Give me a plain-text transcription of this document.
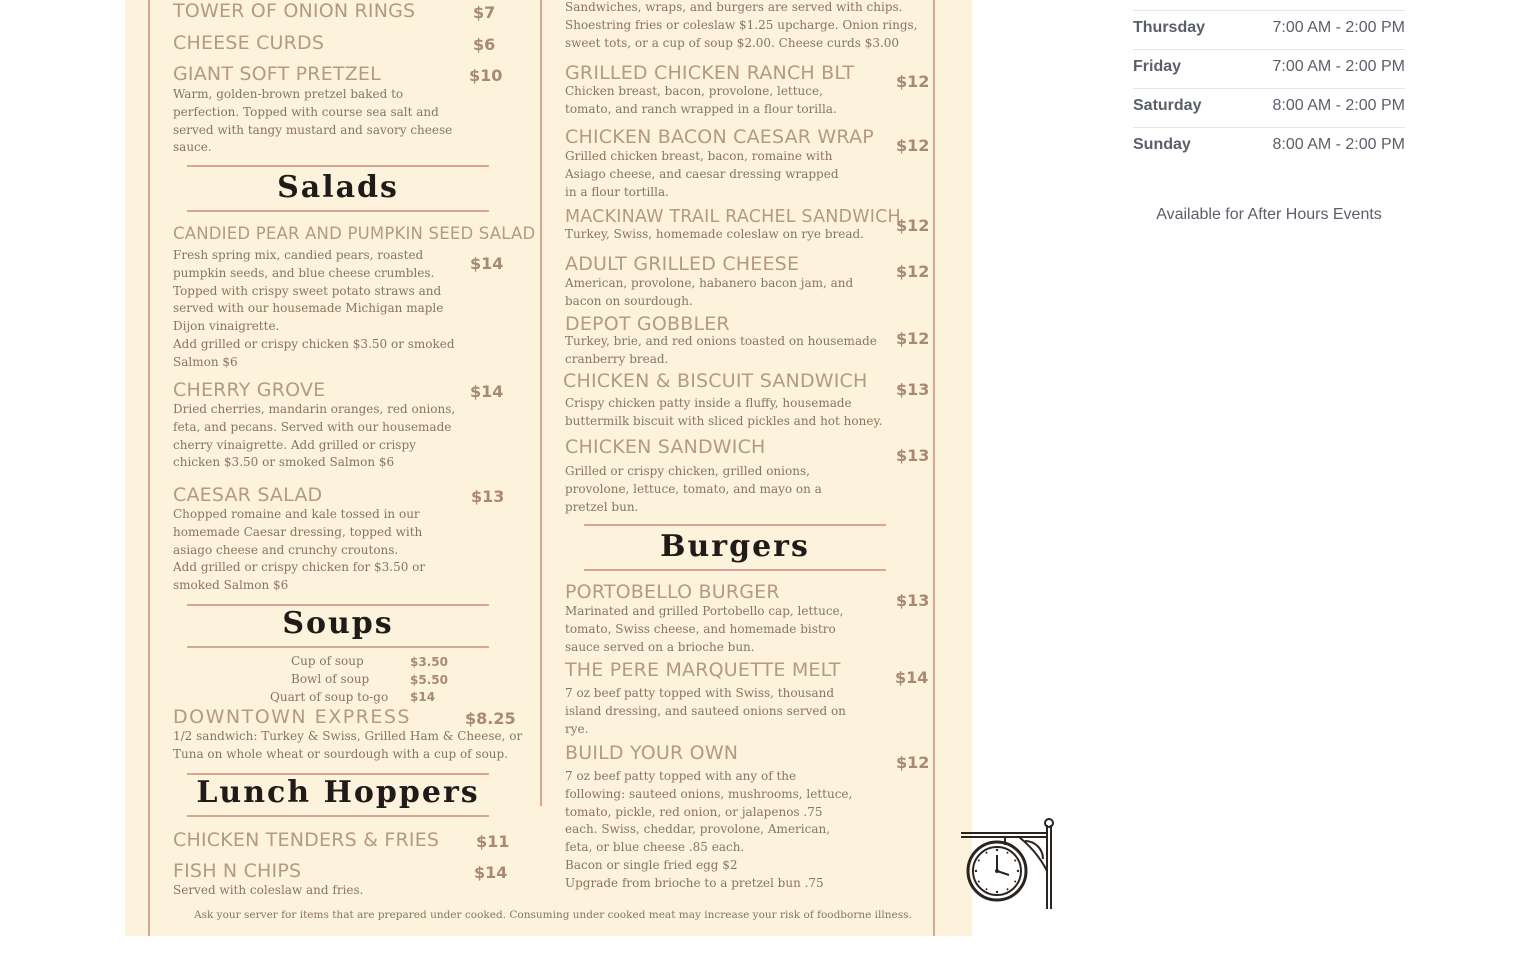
TOWER OF ONION RINGS	$7
CHEESE CURDS	$6
GIANT SOFT PRETZEL	$10
Warm, golden-brown pretzel baked to
perfection. Topped with course sea salt and
served with tangy mustard and savory cheese
sauce.
Salads
CANDIED PEAR AND PUMPKIN SEED SALAD
$14
Fresh spring mix, candied pears, roasted
pumpkin seeds, and blue cheese crumbles.
Topped with crispy sweet potato straws and
served with our housemade Michigan maple
Dijon vinaigrette.
Add grilled or crispy chicken $3.50 or smoked
Salmon $6
CHERRY GROVE	$14
Dried cherries, mandarin oranges, red onions,
feta, and pecans. Served with our housemade
cherry vinaigrette. Add grilled or crispy
chicken $3.50 or smoked Salmon $6
CAESAR SALAD	$13
Chopped romaine and kale tossed in our
homemade Caesar dressing, topped with
asiago cheese and crunchy croutons.
Add grilled or crispy chicken for $3.50 or
smoked Salmon $6
Soups
Cup of soup	$3.50
Bowl of soup	$5.50
Quart of soup to-go $14
DOWNTOWN EXPRESS	$8.25
1/2 sandwich: Turkey & Swiss, Grilled Ham & Cheese, or
Tuna on whole wheat or sourdough with a cup of soup.
Lunch Hoppers
CHICKEN TENDERS & FRIES $11
FISH N CHIPS	$14
Served with coleslaw and fries.
Sandwiches, wraps, and burgers are served with chips.
Shoestring fries or coleslaw $1.25 upcharge. Onion rings,
sweet tots, or a cup of soup $2.00. Cheese curds $3.00
GRILLED CHICKEN RANCH BLT	$12
Chicken breast, bacon, provolone, lettuce,
tomato, and ranch wrapped in a flour torilla.
CHICKEN BACON CAESAR WRAP $12
Grilled chicken breast, bacon, romaine with
Asiago cheese, and caesar dressing wrapped
in a flour tortilla.
MACKINAW TRAIL RACHEL SANDWICH
$12
Turkey, Swiss, homemade coleslaw on rye bread.
ADULT GRILLED CHEESE	$12
American, provolone, habanero bacon jam, and
bacon on sourdough.
DEPOT GOBBLER
$12
Turkey, brie, and red onions toasted on housemade
cranberry bread.
CHICKEN & BISCUIT SANDWICH $13
Crispy chicken patty inside a fluffy, housemade
buttermilk biscuit with sliced pickles and hot honey.
CHICKEN SANDWICH	$13
Grilled or crispy chicken, grilled onions,
provolone, lettuce, tomato, and mayo on a
pretzel bun.
Burgers
PORTOBELLO BURGER	$13
Marinated and grilled Portobello cap, lettuce,
tomato, Swiss cheese, and homemade bistro
sauce served on a brioche bun.
THE PERE MARQUETTE MELT	$14
7 oz beef patty topped with Swiss, thousand
island dressing, and sauteed onions served on
rye.
BUILD YOUR OWN	$12
7 oz beef patty topped with any of the
following: sauteed onions, mushrooms, lettuce,
tomato, pickle, red onion, or jalapenos .75
each. Swiss, cheddar, provolone, American,
feta, or blue cheese .85 each.
Bacon or single fried egg $2
Upgrade from brioche to a pretzel bun .75
Ask your server for items that are prepared under cooked. Consuming under cooked meat may increase your risk of foodborne illness.
Thursday	7:00 AM - 2:00 PM
Friday	7:00 AM - 2:00 PM
Saturday	8:00 AM - 2:00 PM
Sunday	8:00 AM - 2:00 PM
Available for After Hours Events
